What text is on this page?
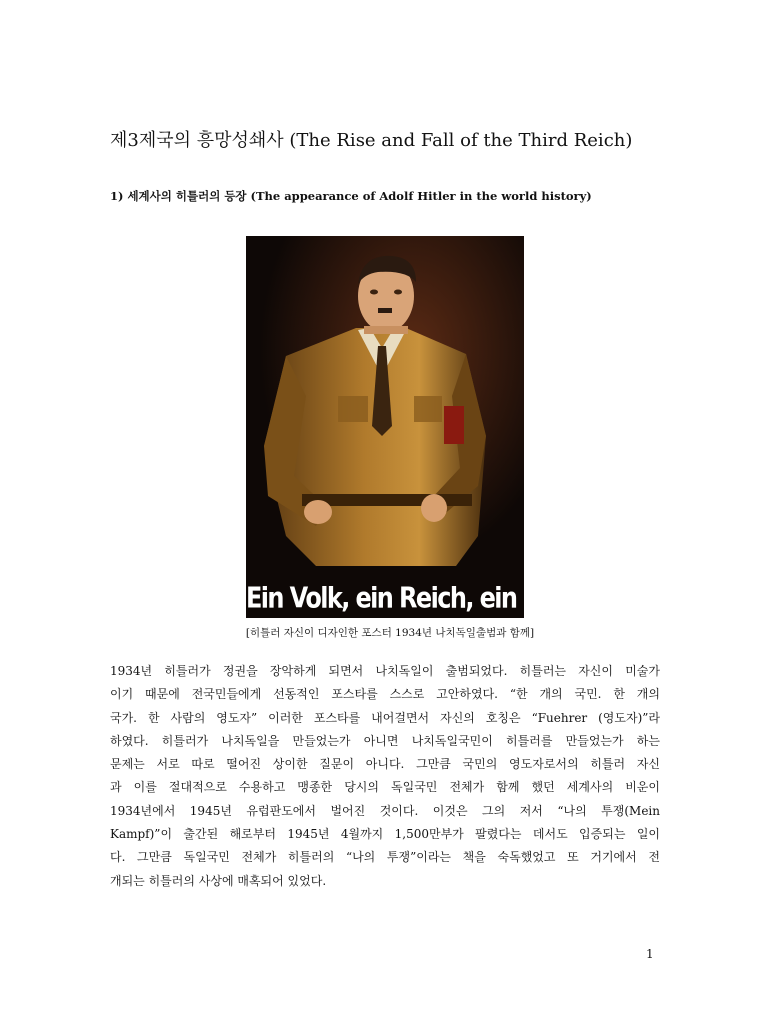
제3제국의 흥망성쇄사 (The Rise and Fall of the Third Reich)
1) 세계사의 히틀러의 등장 (The appearance of Adolf Hitler in the world history)
Ein Volk, ein Reich, ein Führer!
[히틀러 자신이 디자인한 포스터 1934년 나치독일출범과 함께]
1934년 히틀러가 정권을 장악하게 되면서 나치독일이 출범되었다. 히틀러는 자신이 미술가
이기 때문에 전국민들에게 선동적인 포스타를 스스로 고안하였다. “한 개의 국민. 한 개의
국가. 한 사람의 영도자” 이러한 포스타를 내어걸면서 자신의 호칭은 “Fuehrer (영도자)”라
하였다. 히틀러가 나치독일을 만들었는가 아니면 나치독일국민이 히틀러를 만들었는가 하는
문제는 서로 따로 떨어진 상이한 질문이 아니다. 그만큼 국민의 영도자로서의 히틀러 자신
과 이를 절대적으로 수용하고 맹종한 당시의 독일국민 전체가 함께 했던 세계사의 비운이
1934년에서 1945년 유럽판도에서 벌어진 것이다. 이것은 그의 저서 “나의 투쟁(Mein
Kampf)”이 출간된 해로부터 1945년 4월까지 1,500만부가 팔렸다는 데서도 입증되는 일이
다. 그만큼 독일국민 전체가 히틀러의 “나의 투쟁”이라는 책을 숙독했었고 또 거기에서 전
개되는 히틀러의 사상에 매혹되어 있었다.
1
